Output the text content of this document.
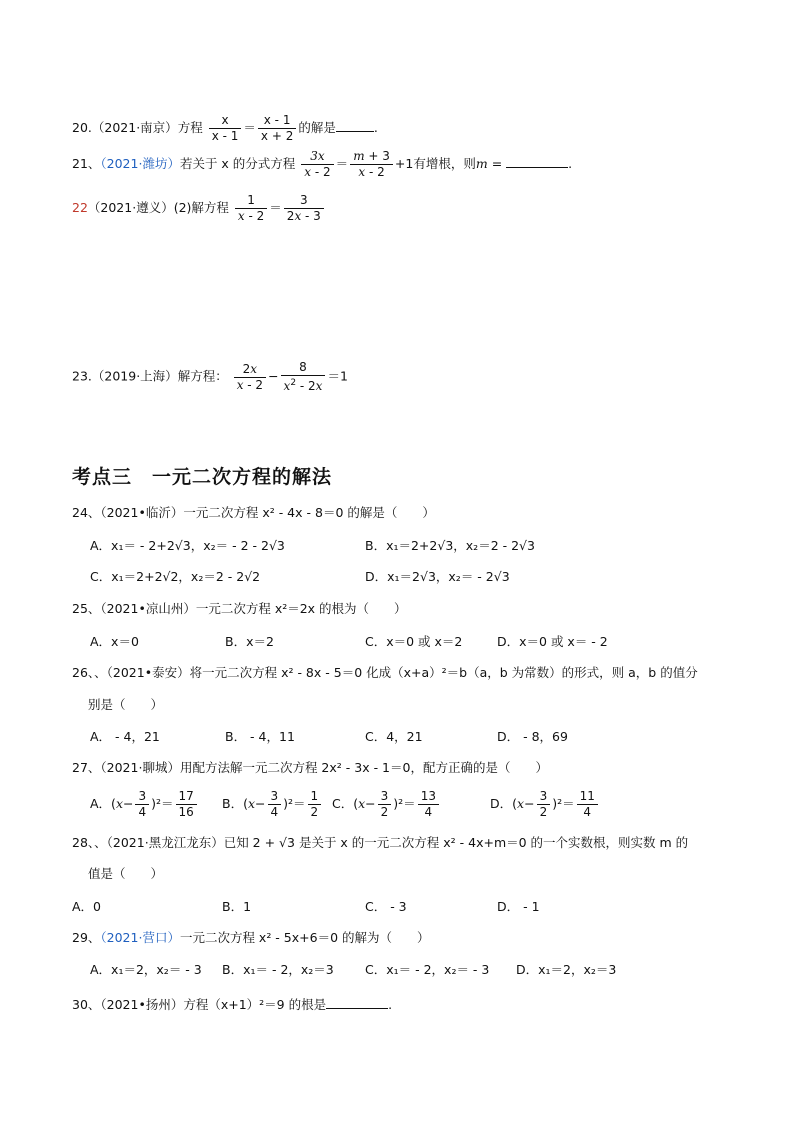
20.（2021·南京）方程 $\frac{x}{x - 1} = \frac{x - 1}{x + 2}$ 的解是	.
21、（2021·潍坊）若关于 x 的分式方程 $\frac{3x}{x - 2} = \frac{m + 3}{x - 2} +1$有增根，则m =	.
22（2021·遵义）(2)解方程 $\frac{1}{x - 2} = \frac{3}{2x - 3}$
23.（2019·上海）解方程： $\frac{2x}{x - 2} - \frac{8}{x^2 - 2x} =1$
考点三　一元二次方程的解法
24、（2021•临沂）一元二次方程 x² - 4x - 8＝0 的解是（　　）
A．x₁＝ - 2+2√3，x₂＝ - 2 - 2√3	B．x₁＝2+2√3，x₂＝2 - 2√3
C．x₁＝2+2√2，x₂＝2 - 2√2	D．x₁＝2√3，x₂＝ - 2√3
25、（2021•凉山州）一元二次方程 x²＝2x 的根为（　　）
A．x＝0	B．x＝2	C．x＝0 或 x＝2	D．x＝0 或 x＝ - 2
26、、（2021•泰安）将一元二次方程 x² - 8x - 5＝0 化成（x+a）²＝b（a，b 为常数）的形式，则 a，b 的值分
别是（　　）
A． - 4，21	B． - 4，11	C．4，21	D． - 8，69
27、（2021·聊城）用配方法解一元二次方程 2x² - 3x - 1＝0，配方正确的是（　　）
A．$(x- \frac{3}{4} )^2= \frac{17}{16}$ B．$(x- \frac{3}{4} )^2= \frac{1}{2}$ C．$(x- \frac{3}{2} )^2= \frac{13}{4}$	D．$(x- \frac{3}{2} )^2= \frac{11}{4}$
28、、（2021·黑龙江龙东）已知 2 + √3 是关于 x 的一元二次方程 x² - 4x+m＝0 的一个实数根，则实数 m 的
值是（　　）
A．0	B．1	C． - 3	D． - 1
29、（2021·营口）一元二次方程 x² - 5x+6＝0 的解为（　　）
A．x₁＝2，x₂＝ - 3 B．x₁＝ - 2，x₂＝3 C．x₁＝ - 2，x₂＝ - 3 D．x₁＝2，x₂＝3
30、（2021•扬州）方程（x+1）²＝9 的根是	.
